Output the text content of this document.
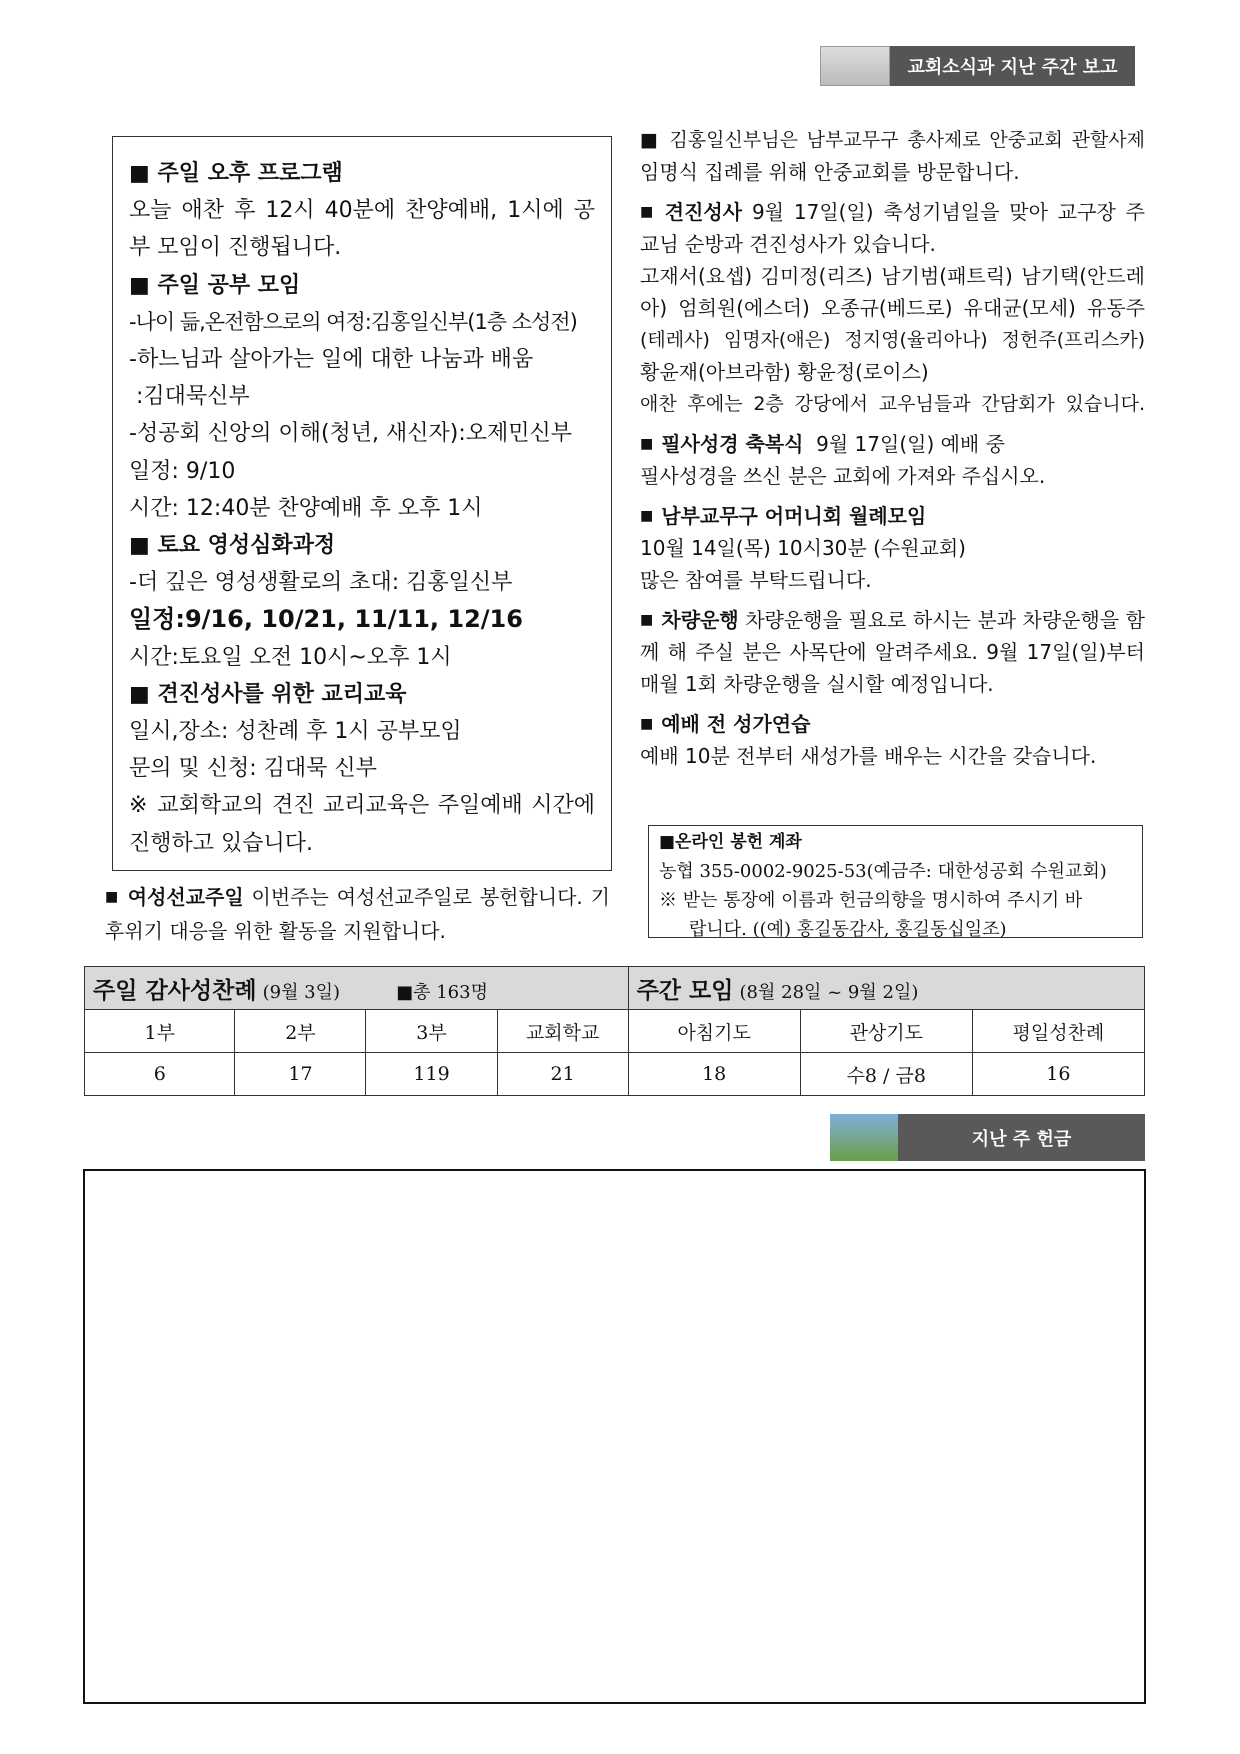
교회소식과 지난 주간 보고

■ 주일 오후 프로그램

오늘 애찬 후 12시 40분에 찬양예배, 1시에 공

부 모임이 진행됩니다.

■ 주일 공부 모임

-나이 듦,온전함으로의 여정:김홍일신부(1층 소성전)

-하느님과 살아가는 일에 대한 나눔과 배움

:김대묵신부

-성공회 신앙의 이해(청년, 새신자):오제민신부

일정: 9/10

시간: 12:40분 찬양예배 후 오후 1시

■ 토요 영성심화과정

-더 깊은 영성생활로의 초대: 김홍일신부

일정:9/16, 10/21, 11/11, 12/16

시간:토요일 오전 10시~오후 1시

■ 견진성사를 위한 교리교육

일시,장소: 성찬례 후 1시 공부모임

문의 및 신청: 김대묵 신부

※ 교회학교의 견진 교리교육은 주일예배 시간에

진행하고 있습니다.

■ 여성선교주일 이번주는 여성선교주일로 봉헌합니다. 기

후위기 대응을 위한 활동을 지원합니다.

■ 김홍일신부님은 남부교무구 총사제로 안중교회 관할사제

임명식 집례를 위해 안중교회를 방문합니다.

■ 견진성사 9월 17일(일) 축성기념일을 맞아 교구장 주

교님 순방과 견진성사가 있습니다.

고재서(요셉) 김미정(리즈) 남기범(패트릭) 남기택(안드레

아) 엄희원(에스더) 오종규(베드로) 유대균(모세) 유동주

(테레사) 임명자(애은) 정지영(율리아나) 정헌주(프리스카)

황윤재(아브라함) 황윤정(로이스)

애찬 후에는 2층 강당에서 교우님들과 간담회가 있습니다.

■ 필사성경 축복식  9월 17일(일) 예배 중

필사성경을 쓰신 분은 교회에 가져와 주십시오.

■ 남부교무구 어머니회 월례모임

10월 14일(목) 10시30분 (수원교회)

많은 참여를 부탁드립니다.

■ 차량운행 차량운행을 필요로 하시는 분과 차량운행을 함

께 해 주실 분은 사목단에 알려주세요. 9월 17일(일)부터

매월 1회 차량운행을 실시할 예정입니다.

■ 예배 전 성가연습

예배 10분 전부터 새성가를 배우는 시간을 갖습니다.

■온라인 봉헌 계좌

농협 355-0002-9025-53(예금주: 대한성공회 수원교회)

※ 받는 통장에 이름과 헌금의향을 명시하여 주시기 바

랍니다. ((예) 홍길동감사, 홍길동십일조)

주일 감사성찬례 (9월 3일) ■총 163명				주간 모임 (8월 28일 ~ 9월 2일)		
1부	2부	3부	교회학교	아침기도	관상기도	평일성찬례
6	17	119	21	18	수8 / 금8	16
지난 주 헌금
